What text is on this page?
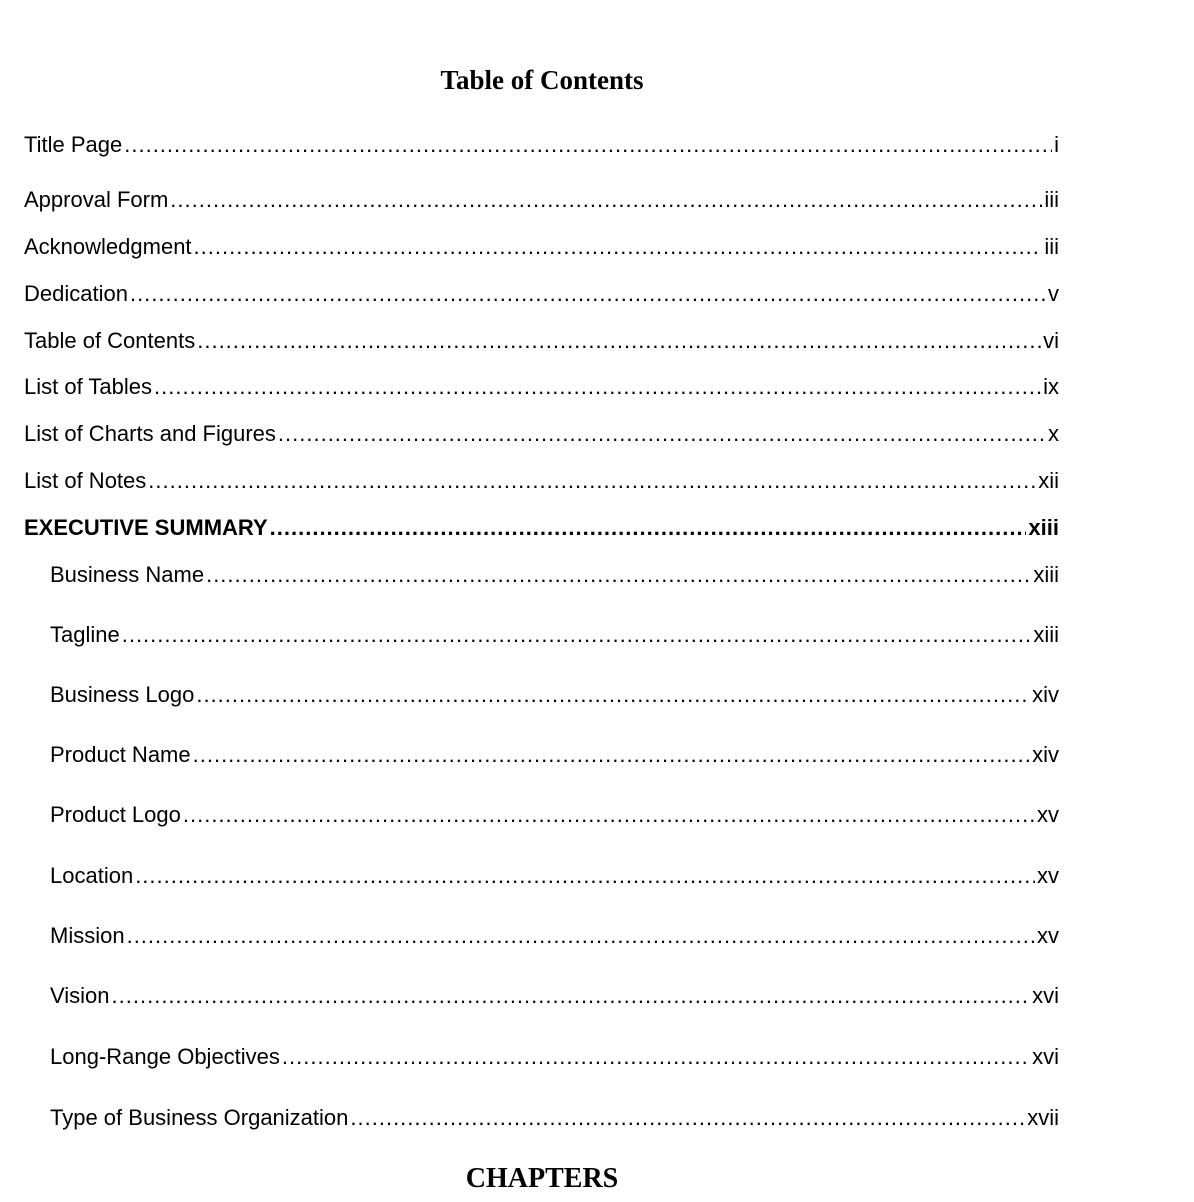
Table of Contents
Title Page .....	i
Approval Form .....	iii
Acknowledgment .....	iii
Dedication .....	v
Table of Contents .....	vi
List of Tables .....	ix
List of Charts and Figures .....	x
List of Notes .....	xii
EXECUTIVE SUMMARY .....	xiii
Business Name .....	xiii
Tagline .....	xiii
Business Logo .....	xiv
Product Name .....	xiv
Product Logo .....	xv
Location .....	xv
Mission .....	xv
Vision .....	xvi
Long-Range Objectives .....	xvi
Type of Business Organization .....	xvii
CHAPTERS
